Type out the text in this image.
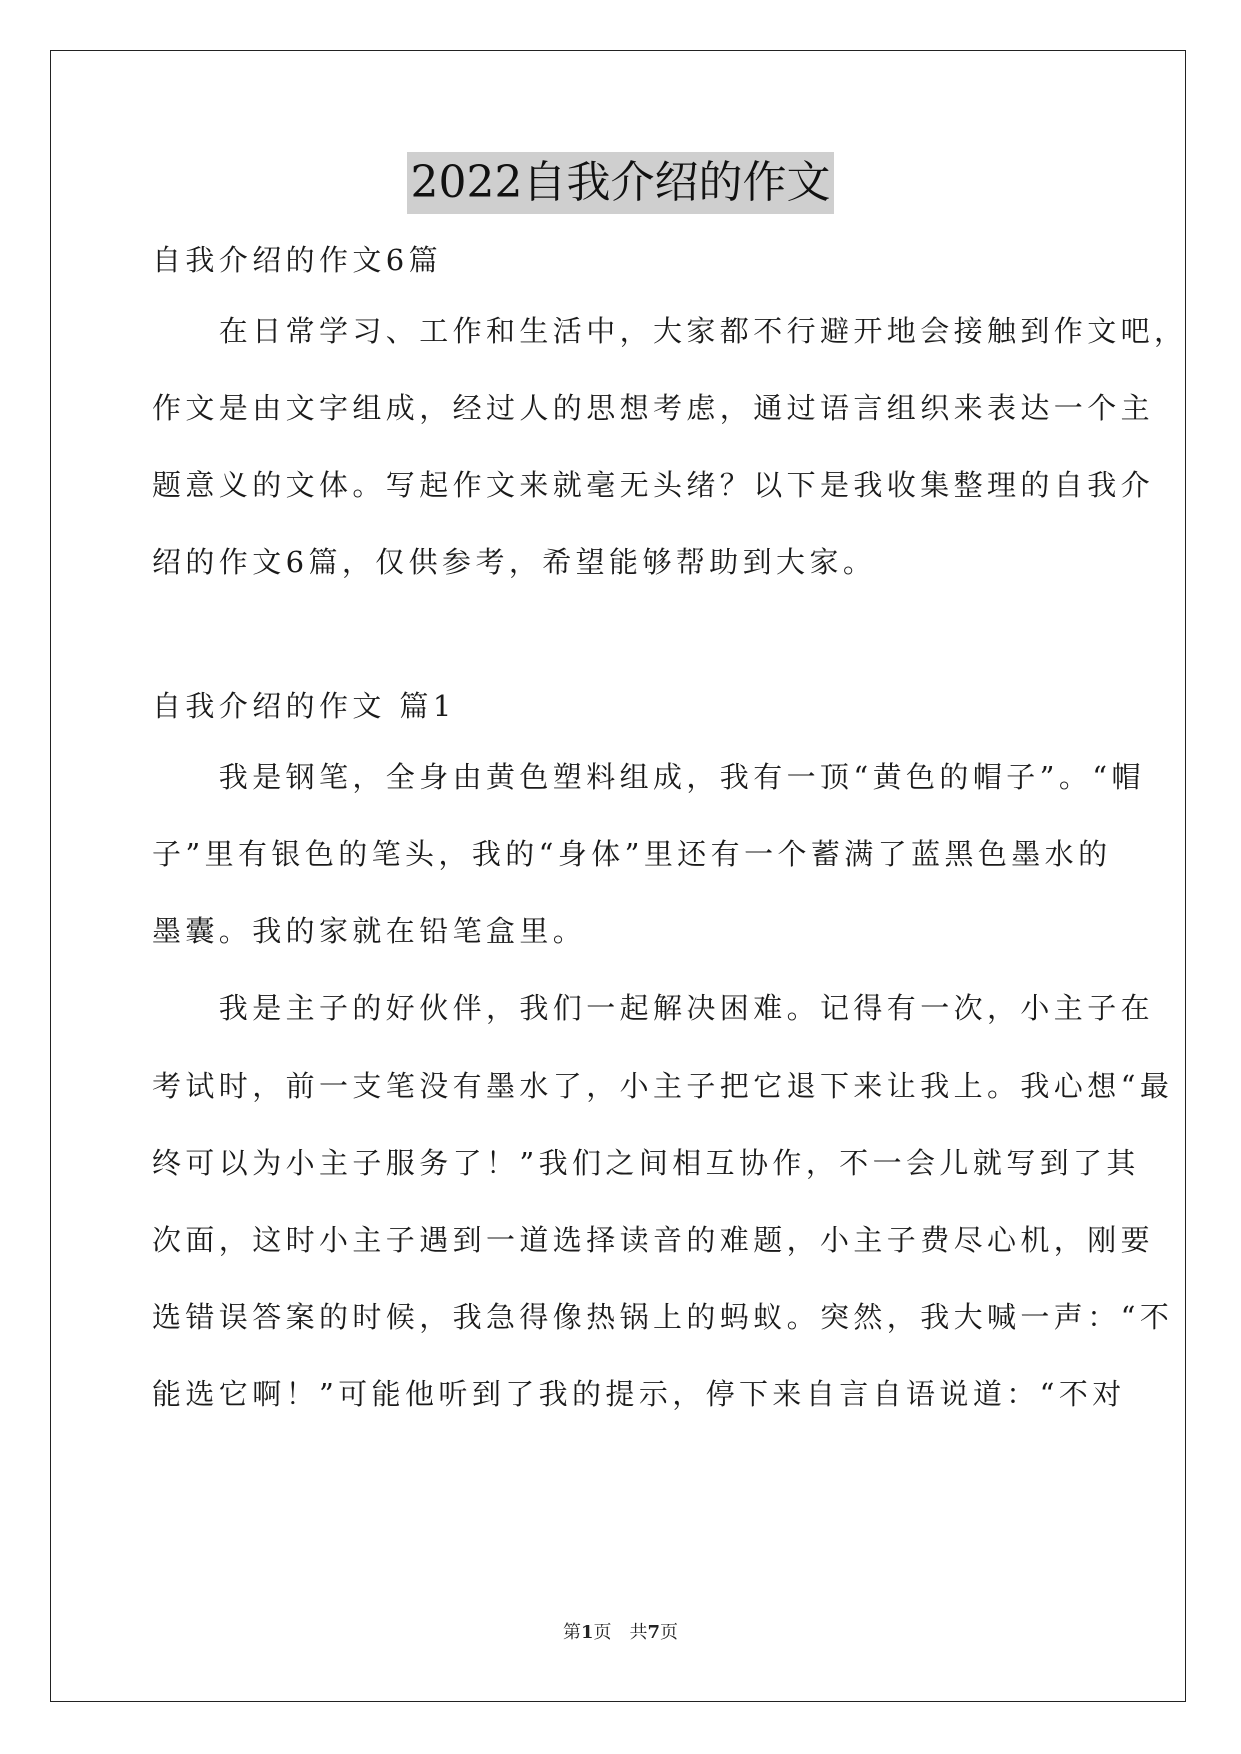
2022自我介绍的作文
自我介绍的作文6篇
　　在日常学习、工作和生活中，大家都不行避开地会接触到作文吧，
作文是由文字组成，经过人的思想考虑，通过语言组织来表达一个主
题意义的文体。写起作文来就毫无头绪？以下是我收集整理的自我介
绍的作文6篇，仅供参考，希望能够帮助到大家。
自我介绍的作文 篇1
　　我是钢笔，全身由黄色塑料组成，我有一顶“黄色的帽子”。“帽
子”里有银色的笔头，我的“身体”里还有一个蓄满了蓝黑色墨水的
墨囊。我的家就在铅笔盒里。
　　我是主子的好伙伴，我们一起解决困难。记得有一次，小主子在
考试时，前一支笔没有墨水了，小主子把它退下来让我上。我心想“最
终可以为小主子服务了！”我们之间相互协作，不一会儿就写到了其
次面，这时小主子遇到一道选择读音的难题，小主子费尽心机，刚要
选错误答案的时候，我急得像热锅上的蚂蚁。突然，我大喊一声：“不
能选它啊！”可能他听到了我的提示，停下来自言自语说道：“不对
第1页　共7页
